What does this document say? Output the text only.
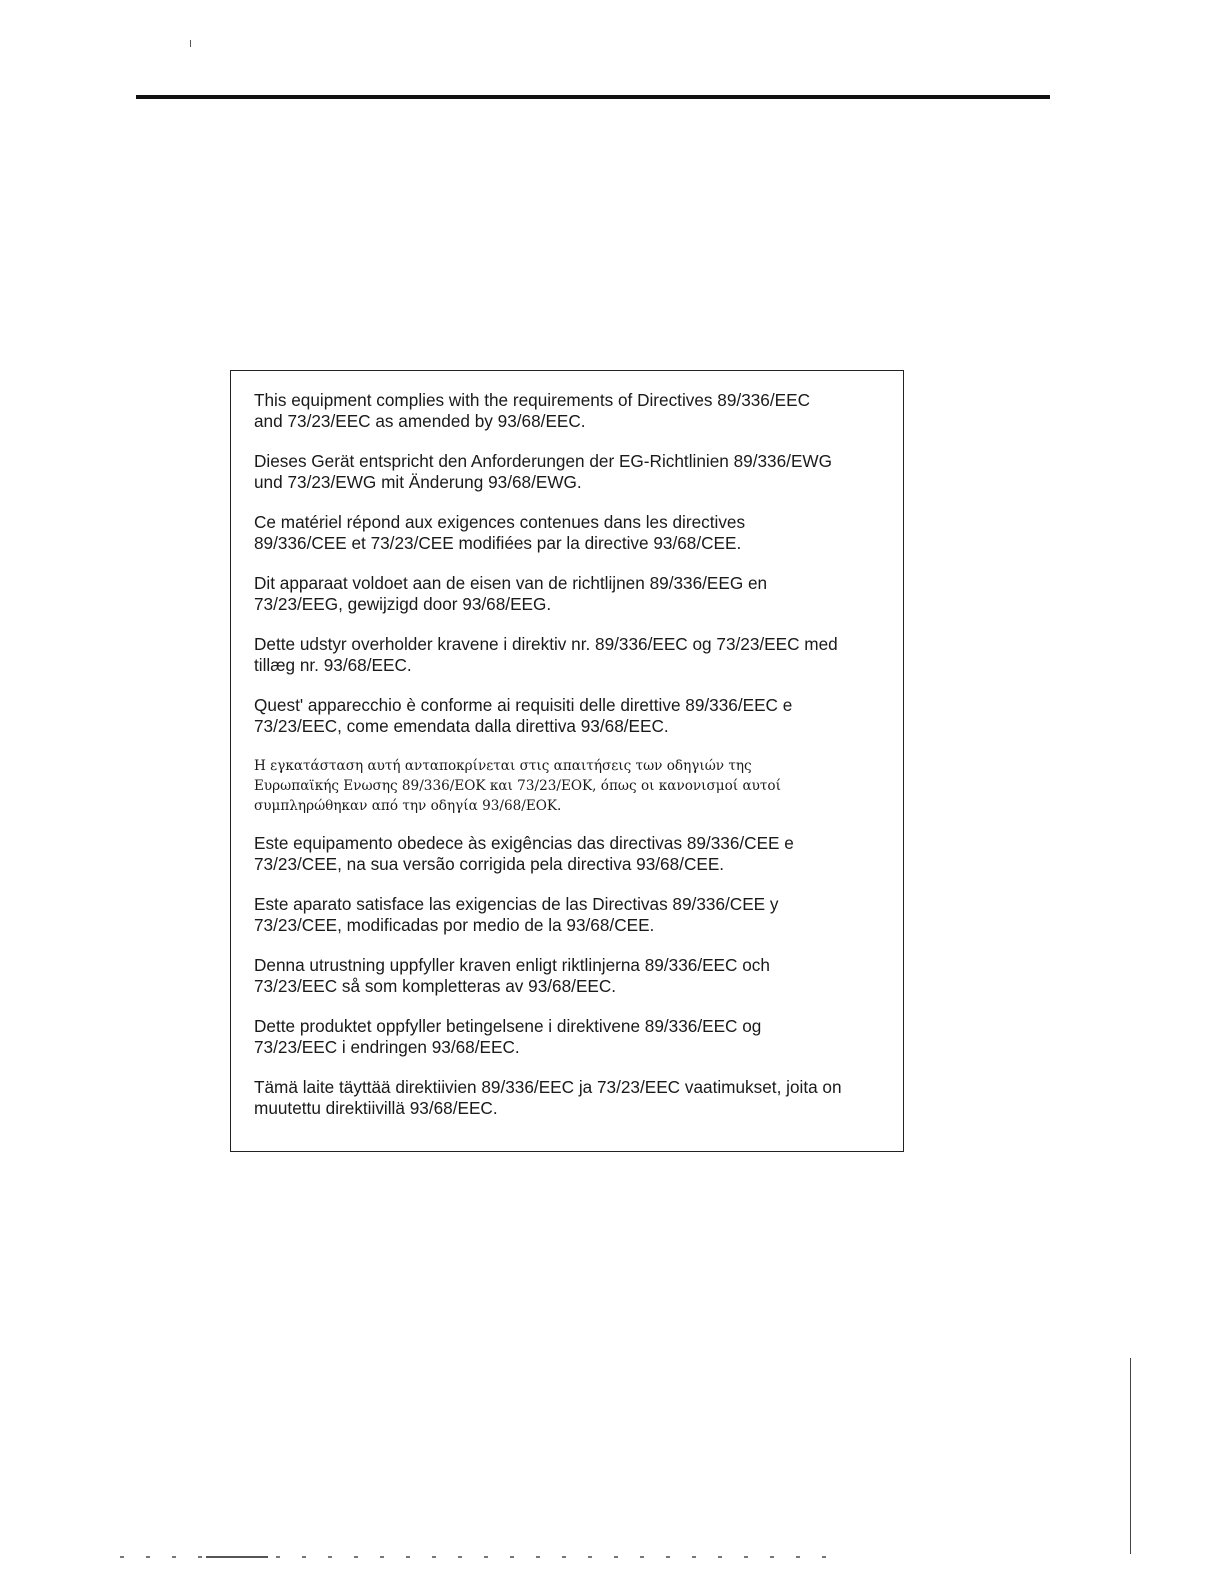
This equipment complies with the requirements of Directives 89/336/EEC
and 73/23/EEC as amended by 93/68/EEC.

Dieses Gerät entspricht den Anforderungen der EG-Richtlinien 89/336/EWG
und 73/23/EWG mit Änderung 93/68/EWG.

Ce matériel répond aux exigences contenues dans les directives
89/336/CEE et 73/23/CEE modifiées par la directive 93/68/CEE.

Dit apparaat voldoet aan de eisen van de richtlijnen 89/336/EEG en
73/23/EEG, gewijzigd door 93/68/EEG.

Dette udstyr overholder kravene i direktiv nr. 89/336/EEC og 73/23/EEC med
tillæg nr. 93/68/EEC.

Quest' apparecchio è conforme ai requisiti delle direttive 89/336/EEC e
73/23/EEC, come emendata dalla direttiva 93/68/EEC.

Η εγκατάσταση αυτή ανταποκρίνεται στις απαιτήσεις των οδηγιών της
Ευρωπαϊκής Ενωσης 89/336/ΕΟΚ και 73/23/ΕΟΚ, όπως οι κανονισμοί αυτοί
συμπληρώθηκαν από την οδηγία 93/68/ΕΟΚ.

Este equipamento obedece às exigências das directivas 89/336/CEE e
73/23/CEE, na sua versão corrigida pela directiva 93/68/CEE.

Este aparato satisface las exigencias de las Directivas 89/336/CEE y
73/23/CEE, modificadas por medio de la 93/68/CEE.

Denna utrustning uppfyller kraven enligt riktlinjerna 89/336/EEC och
73/23/EEC så som kompletteras av 93/68/EEC.

Dette produktet oppfyller betingelsene i direktivene 89/336/EEC og
73/23/EEC i endringen 93/68/EEC.

Tämä laite täyttää direktiivien 89/336/EEC ja 73/23/EEC vaatimukset, joita on
muutettu direktiivillä 93/68/EEC.
